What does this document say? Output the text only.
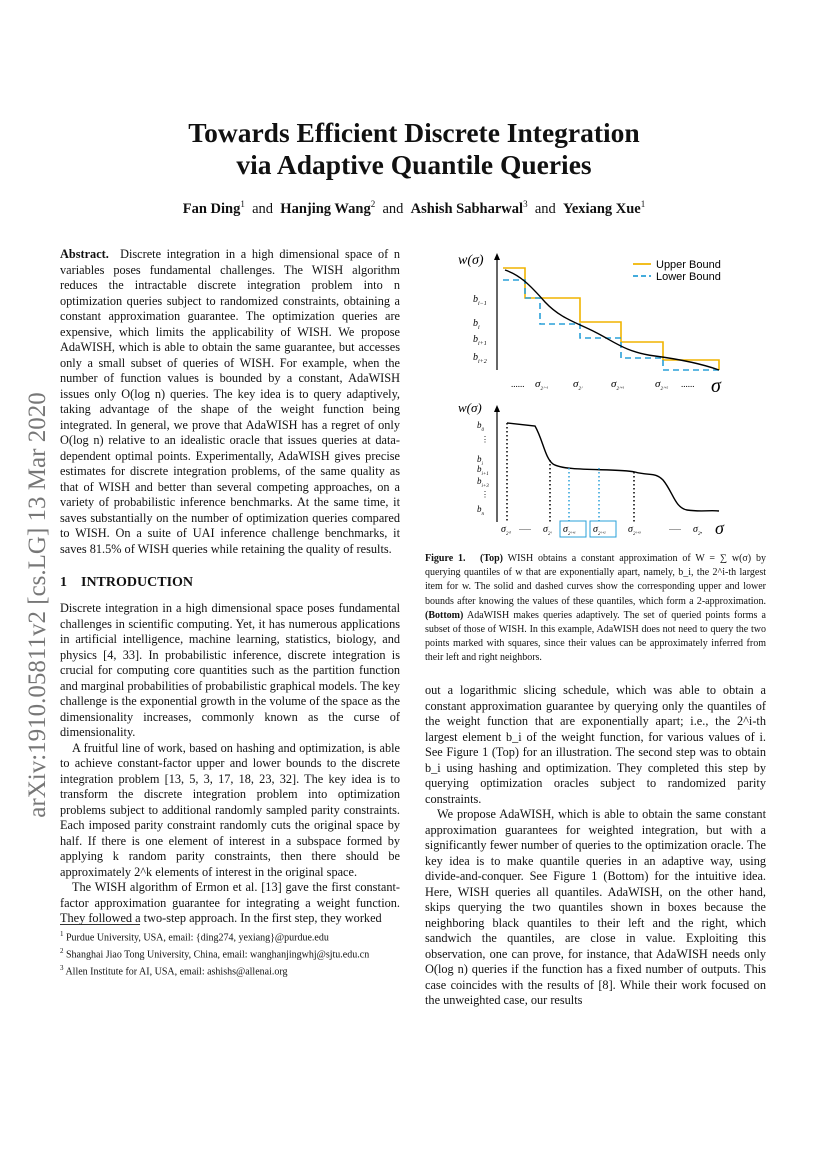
arXiv:1910.05811v2 [cs.LG] 13 Mar 2020
Towards Efficient Discrete Integration
via Adaptive Quantile Queries
Fan Ding$^1$ and Hanjing Wang$^2$ and Ashish Sabharwal$^3$ and Yexiang Xue$^1$

Abstract. Discrete integration in a high dimensional space of n variables poses fundamental challenges. The WISH algorithm reduces the intractable discrete integration problem into n optimization queries subject to randomized constraints, obtaining a constant approximation guarantee. The optimization queries are expensive, which limits the applicability of WISH. We propose AdaWISH, which is able to obtain the same guarantee, but accesses only a small subset of queries of WISH. For example, when the number of function values is bounded by a constant, AdaWISH issues only O(log n) queries. The key idea is to query adaptively, taking advantage of the shape of the weight function being integrated. In general, we prove that AdaWISH has a regret of only O(log n) relative to an idealistic oracle that issues queries at data-dependent optimal points. Experimentally, AdaWISH gives precise estimates for discrete integration problems, of the same quality as that of WISH and better than several competing approaches, on a variety of probabilistic inference benchmarks. At the same time, it saves substantially on the number of optimization queries compared to WISH. On a suite of UAI inference challenge benchmarks, it saves 81.5% of WISH queries while retaining the quality of results.

1 INTRODUCTION

Discrete integration in a high dimensional space poses fundamental challenges in scientific computing. Yet, it has numerous applications in artificial intelligence, machine learning, statistics, biology, and physics [4, 33]. In probabilistic inference, discrete integration is crucial for computing core quantities such as the partition function and marginal probabilities of probabilistic graphical models. The key challenge is the exponential growth in the volume of the space as the dimensionality increases, commonly known as the curse of dimensionality.

A fruitful line of work, based on hashing and optimization, is able to achieve constant-factor upper and lower bounds to the discrete integration problem [13, 5, 3, 17, 18, 23, 32]. The key idea is to transform the discrete integration problem into optimization problems subject to additional randomly sampled parity constraints. Each imposed parity constraint randomly cuts the original space by half. If there is one element of interest in a subspace formed by applying k random parity constraints, then there should be approximately 2^k elements of interest in the original space.

The WISH algorithm of Ermon et al. [13] gave the first constant-factor approximation guarantee for integrating a weight function. They followed a two-step approach. In the first step, they worked

$^1$ Purdue University, USA, email: {ding274, yexiang}@purdue.edu
$^2$ Shanghai Jiao Tong University, China, email: wanghanjingwhj@sjtu.edu.cn
$^3$ Allen Institute for AI, USA, email: ashishs@allenai.org
w(σ)
$b_{i-1}$
$b_i$
$b_{i+1}$
$b_{i+2}$
...... $\sigma_{2^{i-1}}$ $\sigma_{2^i}$	$\sigma_{2^{i+1}}$	$\sigma_{2^{i+2}}$
...... σ
Upper Bound
Lower Bound
w(σ)
$b_0$
⋮
$b_i$
$b_{i+1}$
$b_{i+3}$
⋮
$b_n$
$\sigma_{2^0}$
...... $\sigma_{2^i}$ $\sigma_{2^{i+1}}$ $\sigma_{2^{i+2}}$ $\sigma_{2^{i+3}}$
...... $\sigma_{2^n}$ σ
Figure 1. (Top) WISH obtains a constant approximation of W = ∑ w(σ) by querying quantiles of w that are exponentially apart, namely, b_i, the 2^i-th largest item for w. The solid and dashed curves show the corresponding upper and lower bounds after knowing the values of these quantiles, which form a 2-approximation. (Bottom) AdaWISH makes queries adaptively. The set of queried points forms a subset of those of WISH. In this example, AdaWISH does not need to query the two points marked with squares, since their values can be approximately inferred from their left and right neighbors.

out a logarithmic slicing schedule, which was able to obtain a constant approximation guarantee by querying only the quantiles of the weight function that are exponentially apart; i.e., the 2^i-th largest element b_i of the weight function, for various values of i. See Figure 1 (Top) for an illustration. The second step was to obtain b_i using hashing and optimization. They completed this step by querying optimization oracles subject to randomized parity constraints.

We propose AdaWISH, which is able to obtain the same constant approximation guarantees for weighted integration, but with a significantly fewer number of queries to the optimization oracle. The key idea is to make quantile queries in an adaptive way, using divide-and-conquer. See Figure 1 (Bottom) for the intuitive idea. Here, WISH queries all quantiles. AdaWISH, on the other hand, skips querying the two quantiles shown in boxes because the neighboring black quantiles to their left and the right, which sandwich the quantiles, are close in value. Exploiting this observation, one can prove, for instance, that AdaWISH needs only O(log n) queries if the function has a fixed number of outputs. This case coincides with the results of [8]. While their work focused on the unweighted case, our results
